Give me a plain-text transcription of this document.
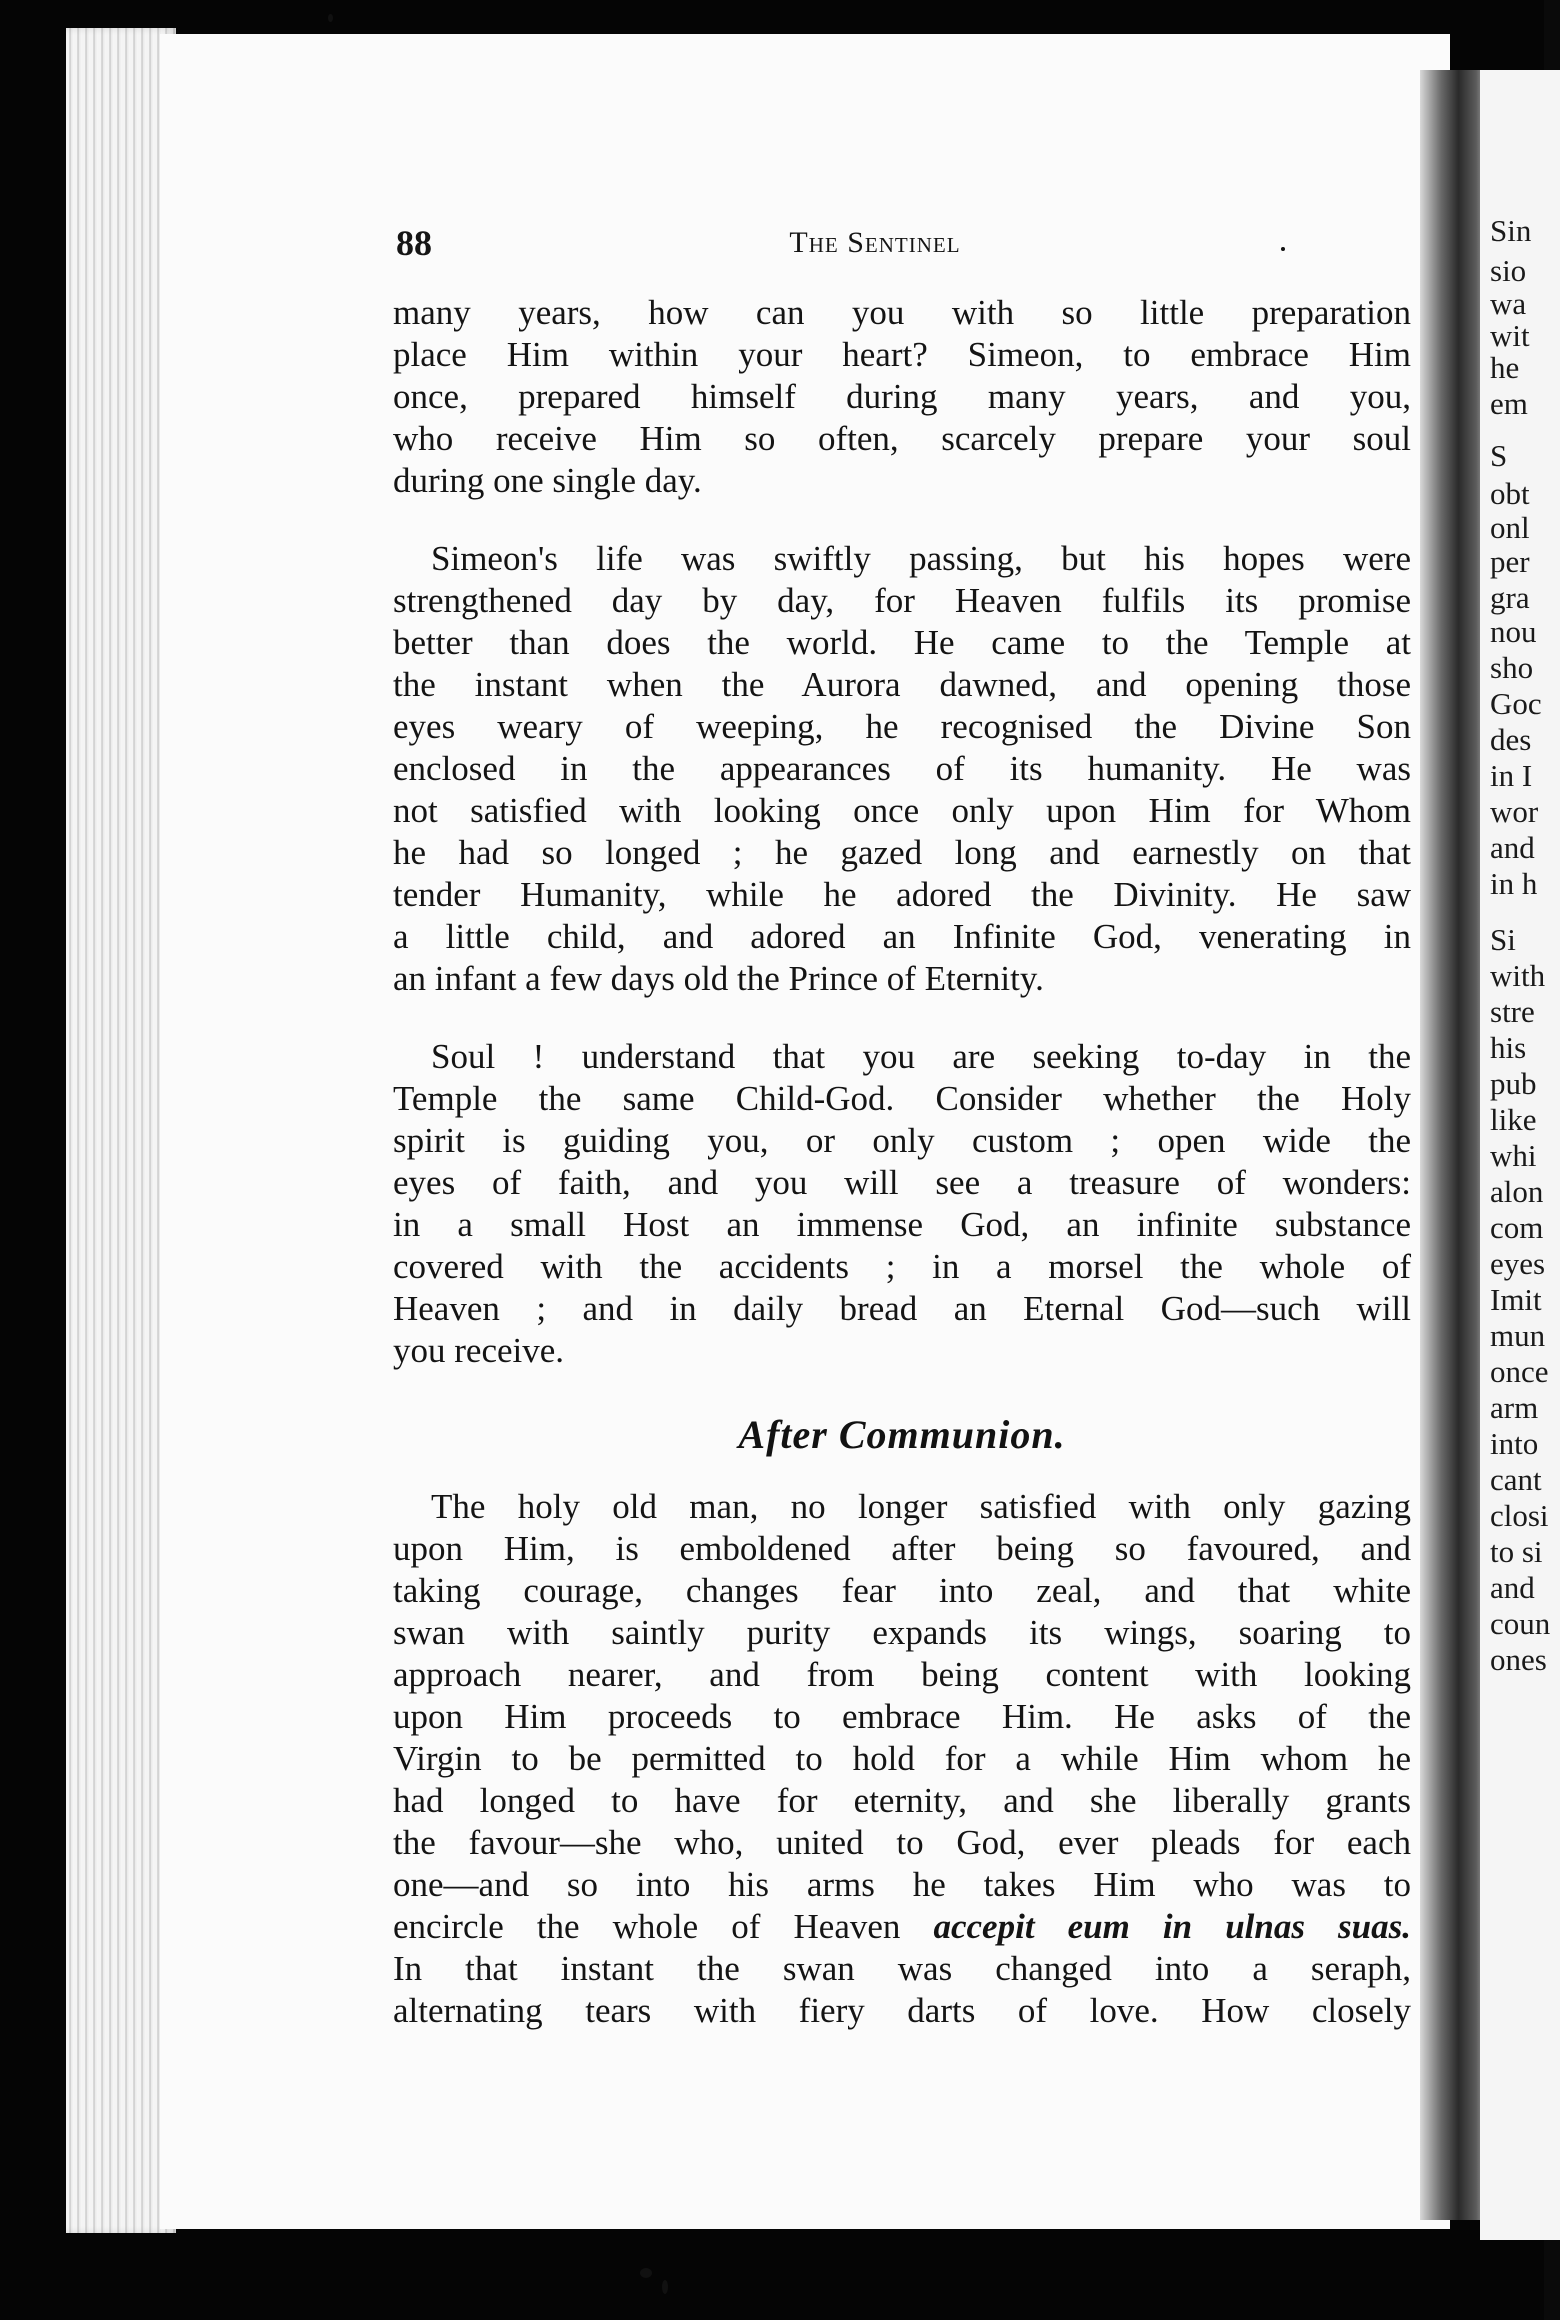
Sin
sio
wa
wit
he
em
S
obt
onl
per
gra
nou
sho
Goc
des
in I
wor
and
in h
Si
with
stre
his
pub
like
whi
alon
com
eyes
Imit
mun
once
arm
into
cant
closi
to si
and
coun
ones
88	The Sentinel

many years, how can you with so little preparation
place Him within your heart? Simeon, to embrace Him
once, prepared himself during many years, and you,
who receive Him so often, scarcely prepare your soul
during one single day.

Simeon's life was swiftly passing, but his hopes were
strengthened day by day, for Heaven fulfils its promise
better than does the world. He came to the Temple at
the instant when the Aurora dawned, and opening those
eyes weary of weeping, he recognised the Divine Son
enclosed in the appearances of its humanity. He was
not satisfied with looking once only upon Him for Whom
he had so longed ; he gazed long and earnestly on that
tender Humanity, while he adored the Divinity. He saw
a little child, and adored an Infinite God, venerating in
an infant a few days old the Prince of Eternity.

Soul ! understand that you are seeking to-day in the
Temple the same Child-God. Consider whether the Holy
spirit is guiding you, or only custom ; open wide the
eyes of faith, and you will see a treasure of wonders:
in a small Host an immense God, an infinite substance
covered with the accidents ; in a morsel the whole of
Heaven ; and in daily bread an Eternal God—such will
you receive.

After Communion.

The holy old man, no longer satisfied with only gazing
upon Him, is emboldened after being so favoured, and
taking courage, changes fear into zeal, and that white
swan with saintly purity expands its wings, soaring to
approach nearer, and from being content with looking
upon Him proceeds to embrace Him. He asks of the
Virgin to be permitted to hold for a while Him whom he
had longed to have for eternity, and she liberally grants
the favour—she who, united to God, ever pleads for each
one—and so into his arms he takes Him who was to
encircle the whole of Heaven accepit eum in ulnas suas.
In that instant the swan was changed into a seraph,
alternating tears with fiery darts of love. How closely
